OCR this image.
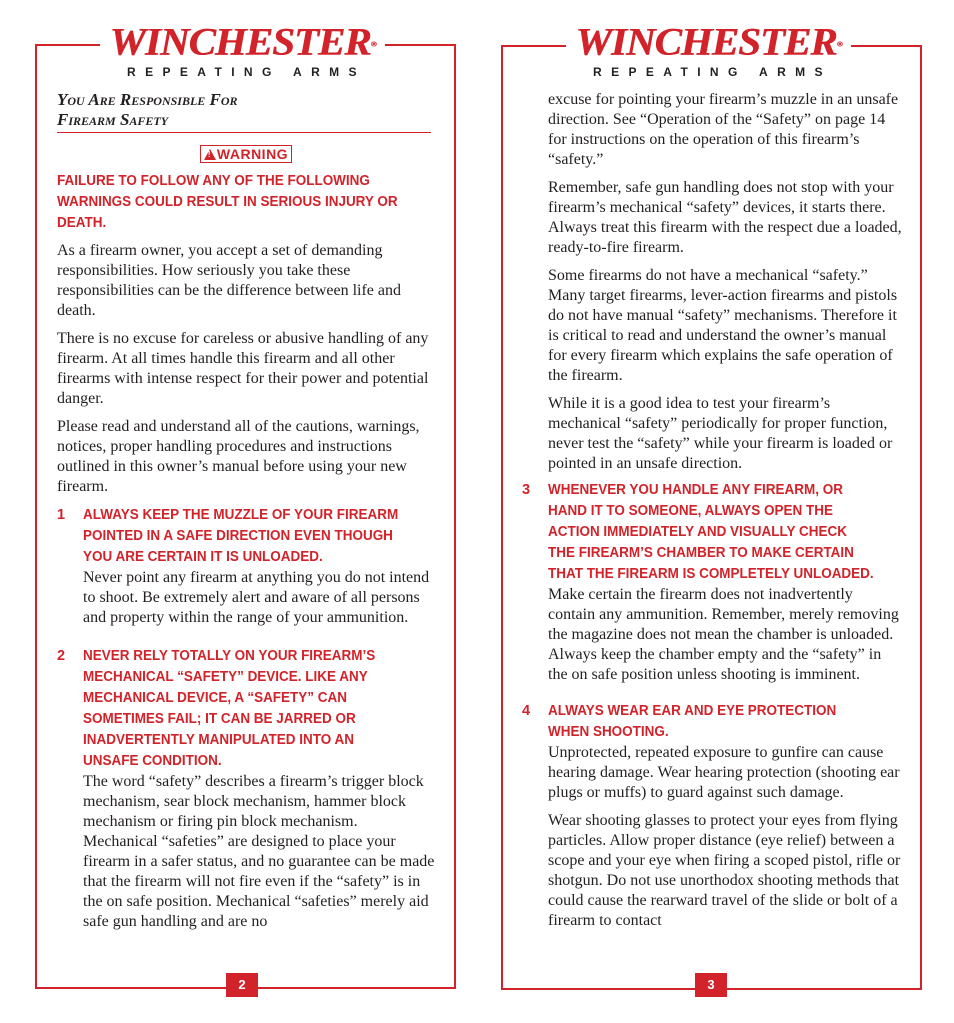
WINCHESTER®
REPEATING ARMS
You Are Responsible For
Firearm Safety
!WARNING
FAILURE TO FOLLOW ANY OF THE FOLLOWING WARNINGS COULD RESULT IN SERIOUS INJURY OR DEATH.

As a firearm owner, you accept a set of demanding responsibilities. How seriously you take these responsibilities can be the difference between life and death.

There is no excuse for careless or abusive handling of any firearm. At all times handle this firearm and all other firearms with intense respect for their power and potential danger.

Please read and understand all of the cautions, warnings, notices, proper handling procedures and instructions outlined in this owner’s manual before using your new firearm.

1	ALWAYS KEEP THE MUZZLE OF YOUR FIREARM POINTED IN A SAFE DIRECTION EVEN THOUGH YOU ARE CERTAIN IT IS UNLOADED.

Never point any firearm at anything you do not intend to shoot. Be extremely alert and aware of all persons and property within the range of your ammunition.

2	NEVER RELY TOTALLY ON YOUR FIREARM’S MECHANICAL “SAFETY” DEVICE. LIKE ANY MECHANICAL DEVICE, A “SAFETY” CAN SOMETIMES FAIL; IT CAN BE JARRED OR INADVERTENTLY MANIPULATED INTO AN UNSAFE CONDITION.

The word “safety” describes a firearm’s trigger block mechanism, sear block mechanism, hammer block mechanism or firing pin block mechanism. Mechanical “safeties” are designed to place your firearm in a safer status, and no guarantee can be made that the firearm will not fire even if the “safety” is in the on safe position. Mechanical “safeties” merely aid safe gun handling and are no

2
WINCHESTER®
REPEATING ARMS

excuse for pointing your firearm’s muzzle in an unsafe direction. See “Operation of the “Safety” on page 14 for instructions on the operation of this firearm’s “safety.”

Remember, safe gun handling does not stop with your firearm’s mechanical “safety” devices, it starts there. Always treat this firearm with the respect due a loaded, ready-to-fire firearm.

Some firearms do not have a mechanical “safety.” Many target firearms, lever-action firearms and pistols do not have manual “safety” mechanisms. Therefore it is critical to read and understand the owner’s manual for every firearm which explains the safe operation of the firearm.

While it is a good idea to test your firearm’s mechanical “safety” periodically for proper function, never test the “safety” while your firearm is loaded or pointed in an unsafe direction.

3	WHENEVER YOU HANDLE ANY FIREARM, OR HAND IT TO SOMEONE, ALWAYS OPEN THE ACTION IMMEDIATELY AND VISUALLY CHECK THE FIREARM’S CHAMBER TO MAKE CERTAIN THAT THE FIREARM IS COMPLETELY UNLOADED.

Make certain the firearm does not inadvertently contain any ammunition. Remember, merely removing the magazine does not mean the chamber is unloaded. Always keep the chamber empty and the “safety” in the on safe position unless shooting is imminent.

4	ALWAYS WEAR EAR AND EYE PROTECTION WHEN SHOOTING.

Unprotected, repeated exposure to gunfire can cause hearing damage. Wear hearing protection (shooting ear plugs or muffs) to guard against such damage.

Wear shooting glasses to protect your eyes from flying particles. Allow proper distance (eye relief) between a scope and your eye when firing a scoped pistol, rifle or shotgun. Do not use unorthodox shooting methods that could cause the rearward travel of the slide or bolt of a firearm to contact

3
